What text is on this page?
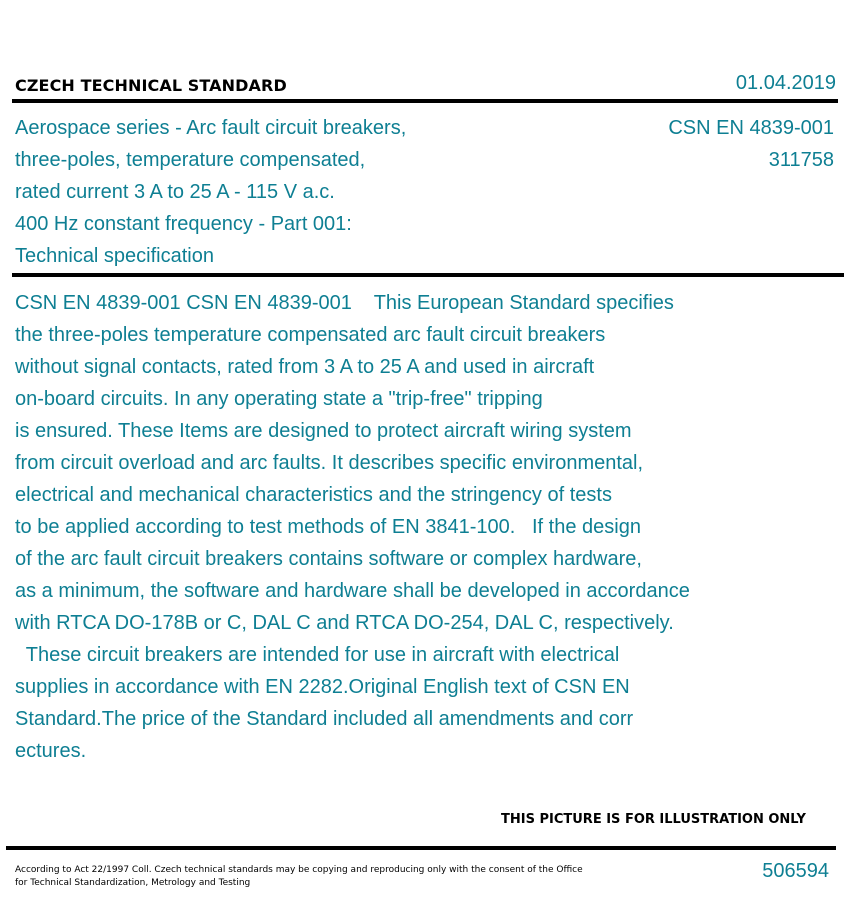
CZECH TECHNICAL STANDARD	01.04.2019
Aerospace series - Arc fault circuit breakers,
three-poles, temperature compensated,
rated current 3 A to 25 A - 115 V a.c.
400 Hz constant frequency - Part 001:
Technical specification
CSN EN 4839-001
311758
CSN EN 4839-001 CSN EN 4839-001    This European Standard specifies
the three-poles temperature compensated arc fault circuit breakers
without signal contacts, rated from 3 A to 25 A and used in aircraft
on-board circuits. In any operating state a "trip-free" tripping
is ensured. These Items are designed to protect aircraft wiring system
from circuit overload and arc faults. It describes specific environmental,
electrical and mechanical characteristics and the stringency of tests
to be applied according to test methods of EN 3841-100.   If the design
of the arc fault circuit breakers contains software or complex hardware,
as a minimum, the software and hardware shall be developed in accordance
with RTCA DO-178B or C, DAL C and RTCA DO-254, DAL C, respectively.
These circuit breakers are intended for use in aircraft with electrical
supplies in accordance with EN 2282.Original English text of CSN EN
Standard.The price of the Standard included all amendments and corr
ectures.
THIS PICTURE IS FOR ILLUSTRATION ONLY
According to Act 22/1997 Coll. Czech technical standards may be copying and reproducing only with the consent of the Office
for Technical Standardization, Metrology and Testing
506594
